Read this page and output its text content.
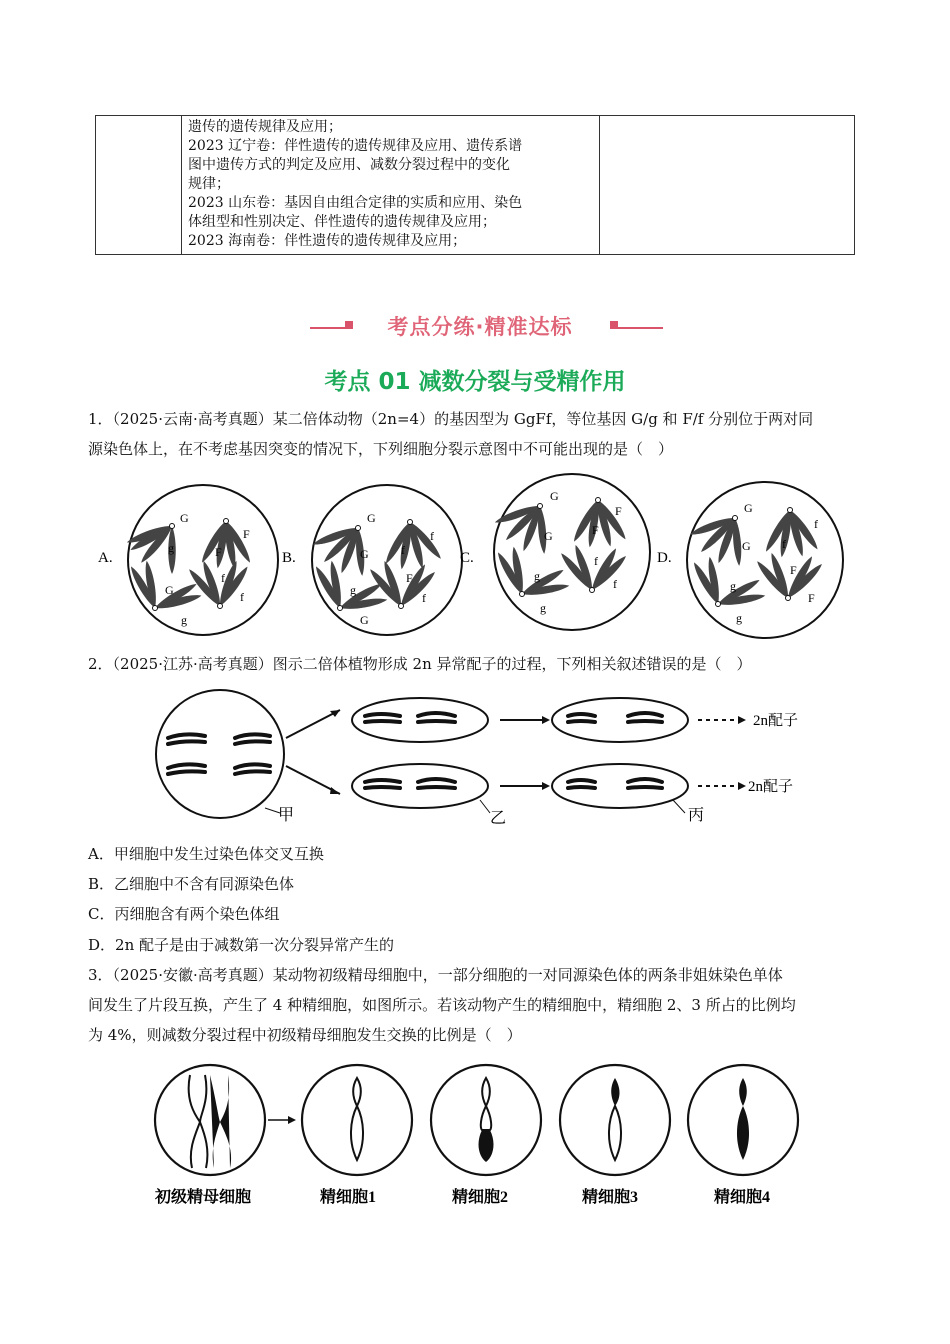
遗传的遗传规律及应用；
2023 辽宁卷：伴性遗传的遗传规律及应用、遗传系谱
图中遗传方式的判定及应用、减数分裂过程中的变化
规律；
2023 山东卷：基因自由组合定律的实质和应用、染色
体组型和性别决定、伴性遗传的遗传规律及应用；
2023 海南卷：伴性遗传的遗传规律及应用；

考点分练·精准达标
考点 01 减数分裂与受精作用
1．（2025·云南·高考真题）某二倍体动物（2n=4）的基因型为 GgFf，等位基因 G/g 和 F/f 分别位于两对同
源染色体上，在不考虑基因突变的情况下，下列细胞分裂示意图中不可能出现的是（　）
A.
G
g
F
F
G
g
f
f
B.
G
G
f
f
g
G
F
f
C.
G
G
F
F
g
g
f
f
D.
G
G
f
f
g
g
F
F
2．（2025·江苏·高考真题）图示二倍体植物形成 2n 异常配子的过程，下列相关叙述错误的是（　）
2n配子
2n配子
甲	乙	丙
A．甲细胞中发生过染色体交叉互换
B．乙细胞中不含有同源染色体
C．丙细胞含有两个染色体组
D．2n 配子是由于减数第一次分裂异常产生的
3．（2025·安徽·高考真题）某动物初级精母细胞中，一部分细胞的一对同源染色体的两条非姐妹染色单体
间发生了片段互换，产生了 4 种精细胞，如图所示。若该动物产生的精细胞中，精细胞 2、3 所占的比例均
为 4%，则减数分裂过程中初级精母细胞发生交换的比例是（　）
初级精母细胞	精细胞1	精细胞2	精细胞3	精细胞4
